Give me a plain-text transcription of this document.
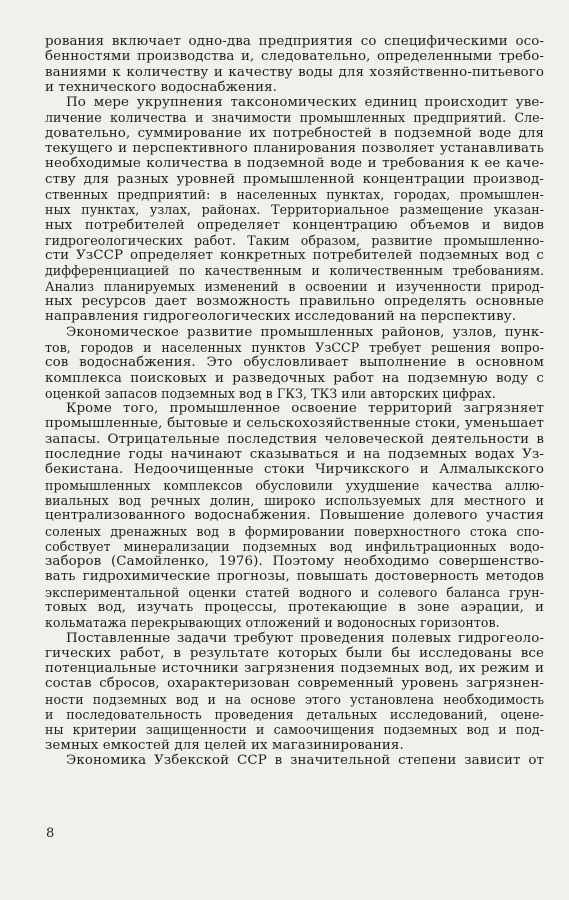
рования включает одно-два предприятия со специфическими осо-
бенностями производства и, следовательно, определенными требо-
ваниями к количеству и качеству воды для хозяйственно-питьевого
и технического водоснабжения.
По мере укрупнения таксономических единиц происходит уве-
личение количества и значимости промышленных предприятий. Сле-
довательно, суммирование их потребностей в подземной воде для
текущего и перспективного планирования позволяет устанавливать
необходимые количества в подземной воде и требования к ее каче-
ству для разных уровней промышленной концентрации производ-
ственных предприятий: в населенных пунктах, городах, промышлен-
ных пунктах, узлах, районах. Территориальное размещение указан-
ных потребителей определяет концентрацию объемов и видов
гидрогеологических работ. Таким образом, развитие промышленно-
сти УзССР определяет конкретных потребителей подземных вод с
дифференциацией по качественным и количественным требованиям.
Анализ планируемых изменений в освоении и изученности природ-
ных ресурсов дает возможность правильно определять основные
направления гидрогеологических исследований на перспективу.
Экономическое развитие промышленных районов, узлов, пунк-
тов, городов и населенных пунктов УзССР требует решения вопро-
сов водоснабжения. Это обусловливает выполнение в основном
комплекса поисковых и разведочных работ на подземную воду с
оценкой запасов подземных вод в ГКЗ, ТКЗ или авторских цифрах.
Кроме того, промышленное освоение территорий загрязняет
промышленные, бытовые и сельскохозяйственные стоки, уменьшает
запасы. Отрицательные последствия человеческой деятельности в
последние годы начинают сказываться и на подземных водах Уз-
бекистана. Недоочищенные стоки Чирчикского и Алмалыкского
промышленных комплексов обусловили ухудшение качества аллю-
виальных вод речных долин, широко используемых для местного и
централизованного водоснабжения. Повышение долевого участия
соленых дренажных вод в формировании поверхностного стока спо-
собствует минерализации подземных вод инфильтрационных водо-
заборов (Самойленко, 1976). Поэтому необходимо совершенство-
вать гидрохимические прогнозы, повышать достоверность методов
экспериментальной оценки статей водного и солевого баланса грун-
товых вод, изучать процессы, протекающие в зоне аэрации, и
кольматажа перекрывающих отложений и водоносных горизонтов.
Поставленные задачи требуют проведения полевых гидрогеоло-
гических работ, в результате которых были бы исследованы все
потенциальные источники загрязнения подземных вод, их режим и
состав сбросов, охарактеризован современный уровень загрязнен-
ности подземных вод и на основе этого установлена необходимость
и последовательность проведения детальных исследований, оцене-
ны критерии защищенности и самоочищения подземных вод и под-
земных емкостей для целей их магазинирования.
Экономика Узбекской ССР в значительной степени зависит от
8
